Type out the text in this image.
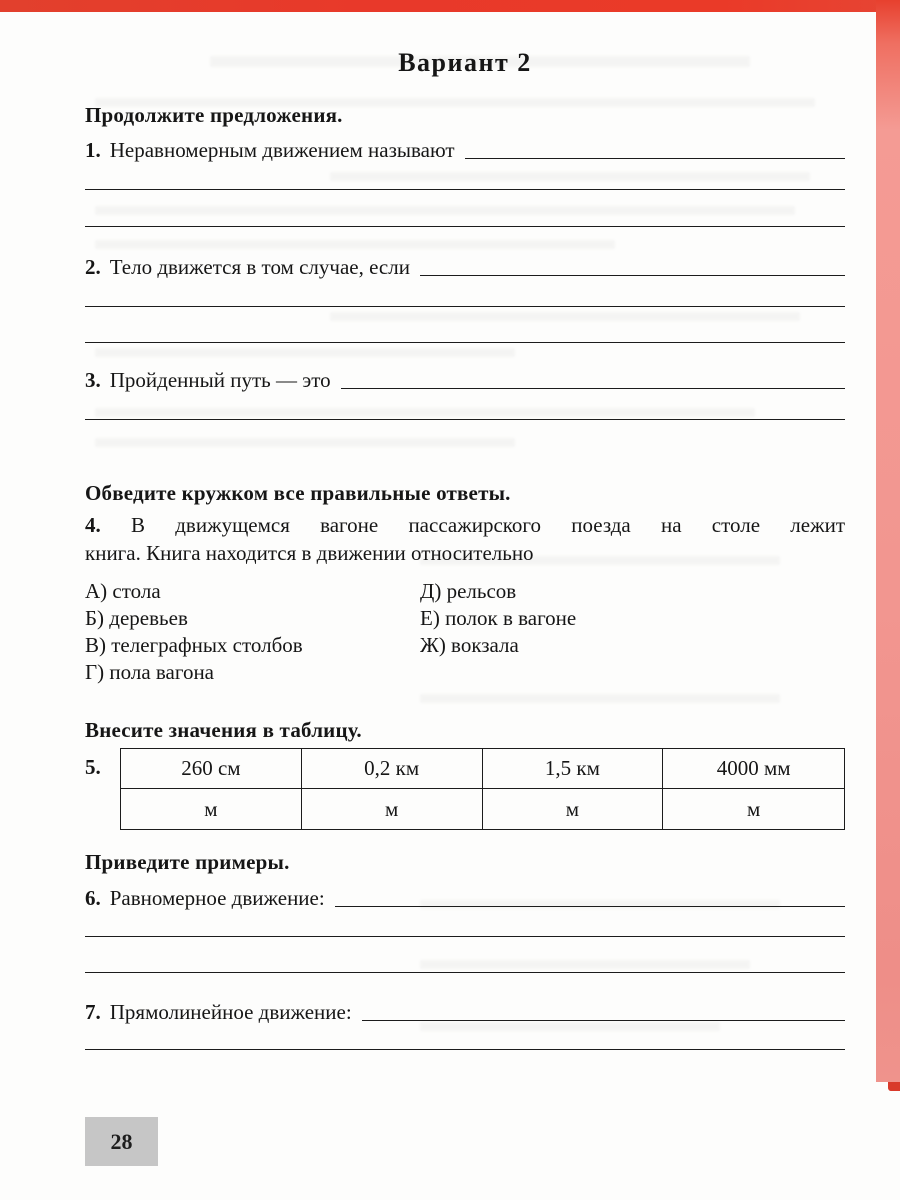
Вариант 2
Продолжите предложения.
1. Неравномерным движением называют
2. Тело движется в том случае, если
3. Пройденный путь — это
Обведите кружком все правильные ответы.
4. В движущемся вагоне пассажирского поезда на столе лежит
книга. Книга находится в движении относительно
А) стола	Д) рельсов
Б) деревьев	Е) полок в вагоне
В) телеграфных столбов	Ж) вокзала
Г) пола вагона
Внесите значения в таблицу.
5.	260 см	0,2 км	1,5 км	4000 мм
м	м	м	м
Приведите примеры.
6. Равномерное движение:
7. Прямолинейное движение:
28
